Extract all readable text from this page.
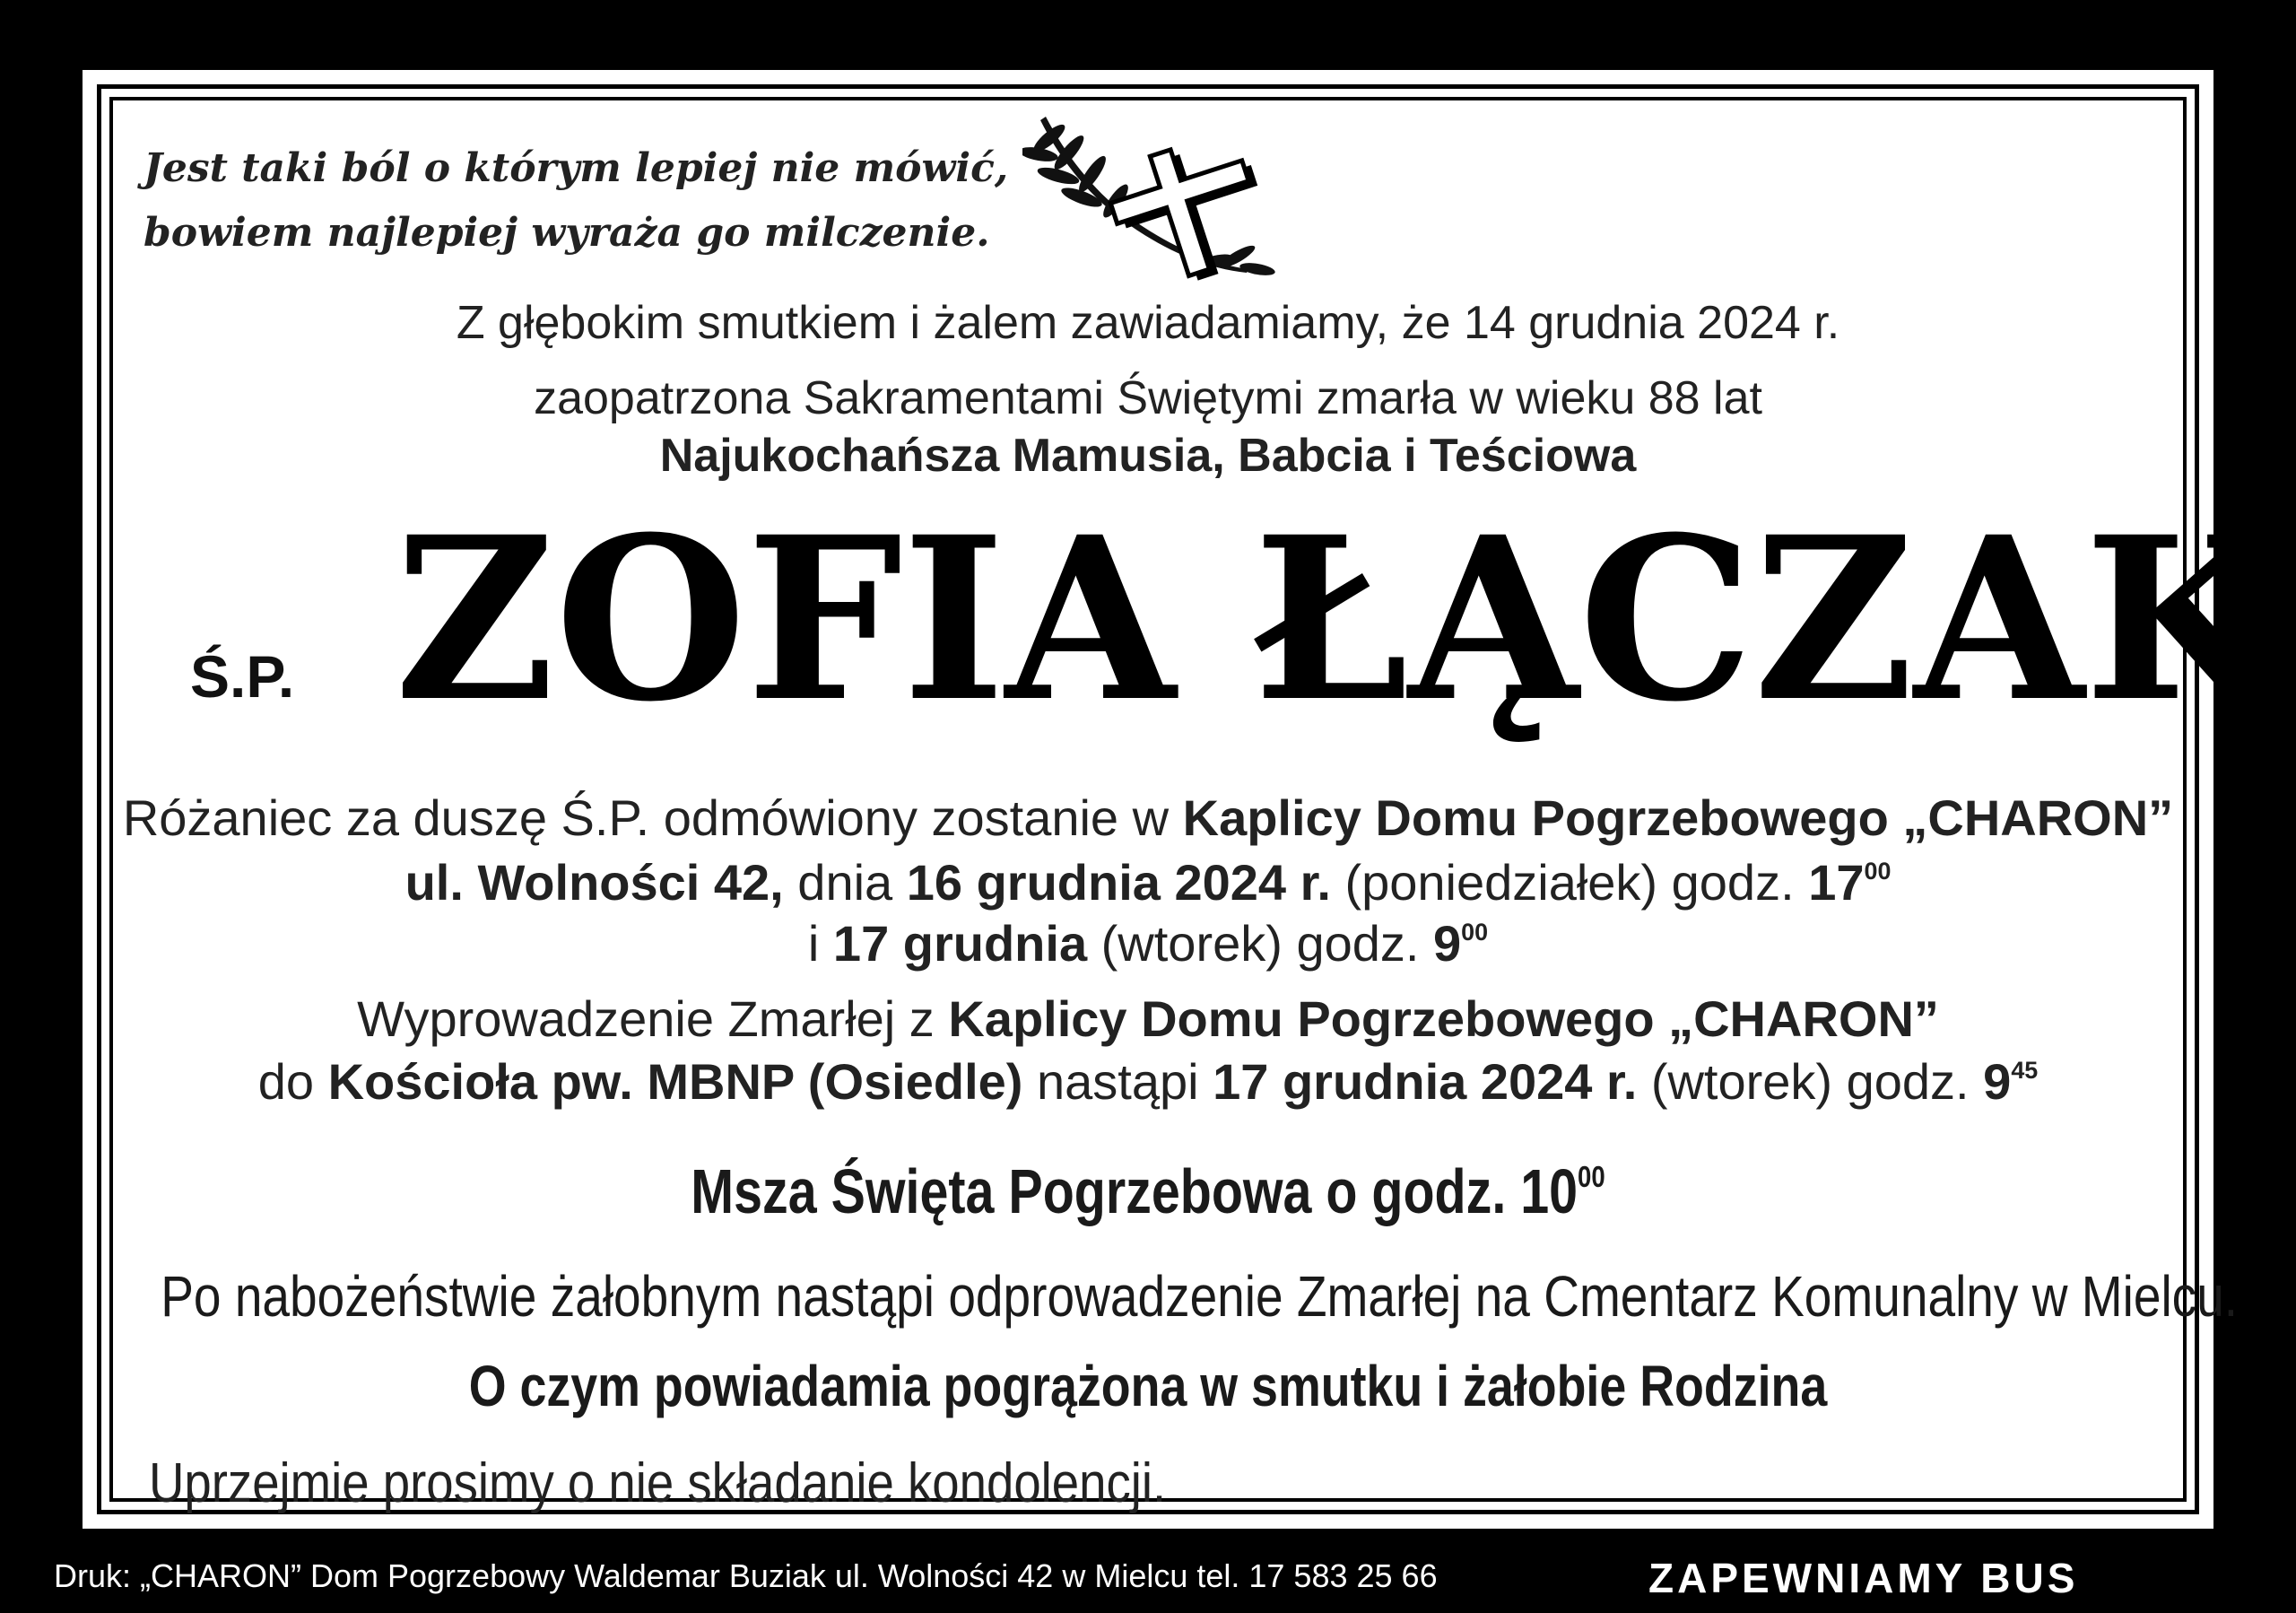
Jest taki ból o którym lepiej nie mówić,
bowiem najlepiej wyraża go milczenie.
Z głębokim smutkiem i żalem zawiadamiamy, że 14 grudnia 2024 r.
zaopatrzona Sakramentami Świętymi zmarła w wieku 88 lat
Najukochańsza Mamusia, Babcia i Teściowa
Ś.P. ZOFIA ŁĄCZAK
Różaniec za duszę Ś.P. odmówiony zostanie w Kaplicy Domu Pogrzebowego „CHARON”
ul. Wolności 42, dnia 16 grudnia 2024 r. (poniedziałek) godz. $17^{00}$
i 17 grudnia (wtorek) godz. $9^{00}$
Wyprowadzenie Zmarłej z Kaplicy Domu Pogrzebowego „CHARON”
do Kościoła pw. MBNP (Osiedle) nastąpi 17 grudnia 2024 r. (wtorek) godz. $9^{45}$
Msza Święta Pogrzebowa o godz. $10^{00}$
Po nabożeństwie żałobnym nastąpi odprowadzenie Zmarłej na Cmentarz Komunalny w Mielcu.
O czym powiadamia pogrążona w smutku i żałobie Rodzina
Uprzejmie prosimy o nie składanie kondolencji.
Druk: „CHARON” Dom Pogrzebowy Waldemar Buziak ul. Wolności 42 w Mielcu tel. 17 583 25 66	ZAPEWNIAMY BUS
